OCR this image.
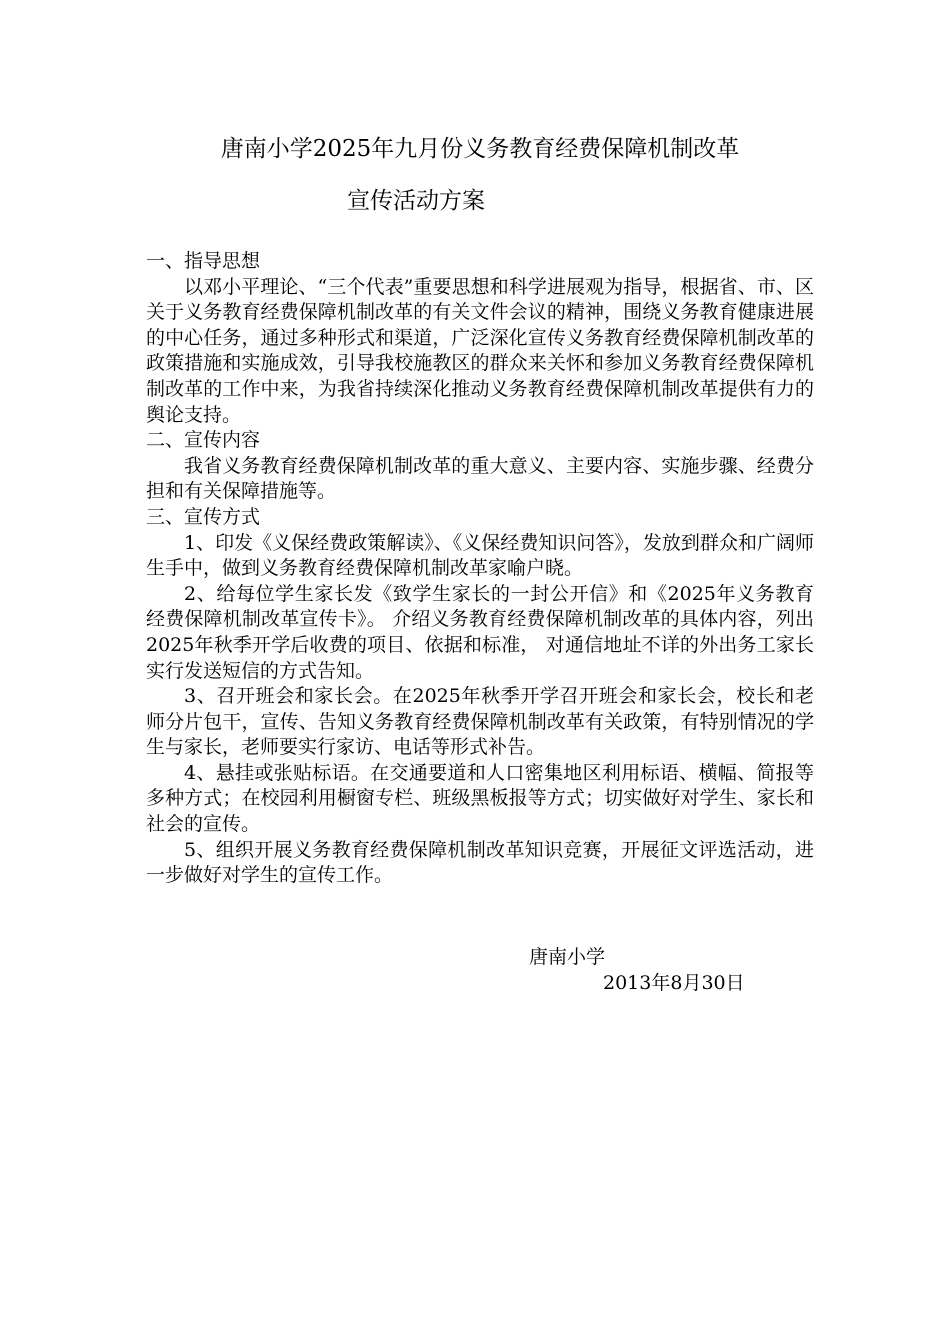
唐南小学2025年九月份义务教育经费保障机制改革
宣传活动方案

一、指导思想

以邓小平理论、“三个代表”重要思想和科学进展观为指导，根据省、市、区关于义务教育经费保障机制改革的有关文件会议的精神，围绕义务教育健康进展的中心任务，通过多种形式和渠道，广泛深化宣传义务教育经费保障机制改革的政策措施和实施成效，引导我校施教区的群众来关怀和参加义务教育经费保障机制改革的工作中来，为我省持续深化推动义务教育经费保障机制改革提供有力的舆论支持。

二、宣传内容

我省义务教育经费保障机制改革的重大意义、主要内容、实施步骤、经费分担和有关保障措施等。

三、宣传方式

1、印发《义保经费政策解读》、《义保经费知识问答》，发放到群众和广阔师生手中，做到义务教育经费保障机制改革家喻户晓。

2、给每位学生家长发《致学生家长的一封公开信》和《2025年义务教育经费保障机制改革宣传卡》。 介绍义务教育经费保障机制改革的具体内容，列出2025年秋季开学后收费的项目、依据和标准， 对通信地址不详的外出务工家长实行发送短信的方式告知。

3、召开班会和家长会。在2025年秋季开学召开班会和家长会，校长和老师分片包干，宣传、告知义务教育经费保障机制改革有关政策，有特别情况的学生与家长，老师要实行家访、电话等形式补告。

4、悬挂或张贴标语。在交通要道和人口密集地区利用标语、横幅、简报等多种方式；在校园利用橱窗专栏、班级黑板报等方式；切实做好对学生、家长和社会的宣传。

5、组织开展义务教育经费保障机制改革知识竞赛，开展征文评选活动，进一步做好对学生的宣传工作。

唐南小学
2013年8月30日
